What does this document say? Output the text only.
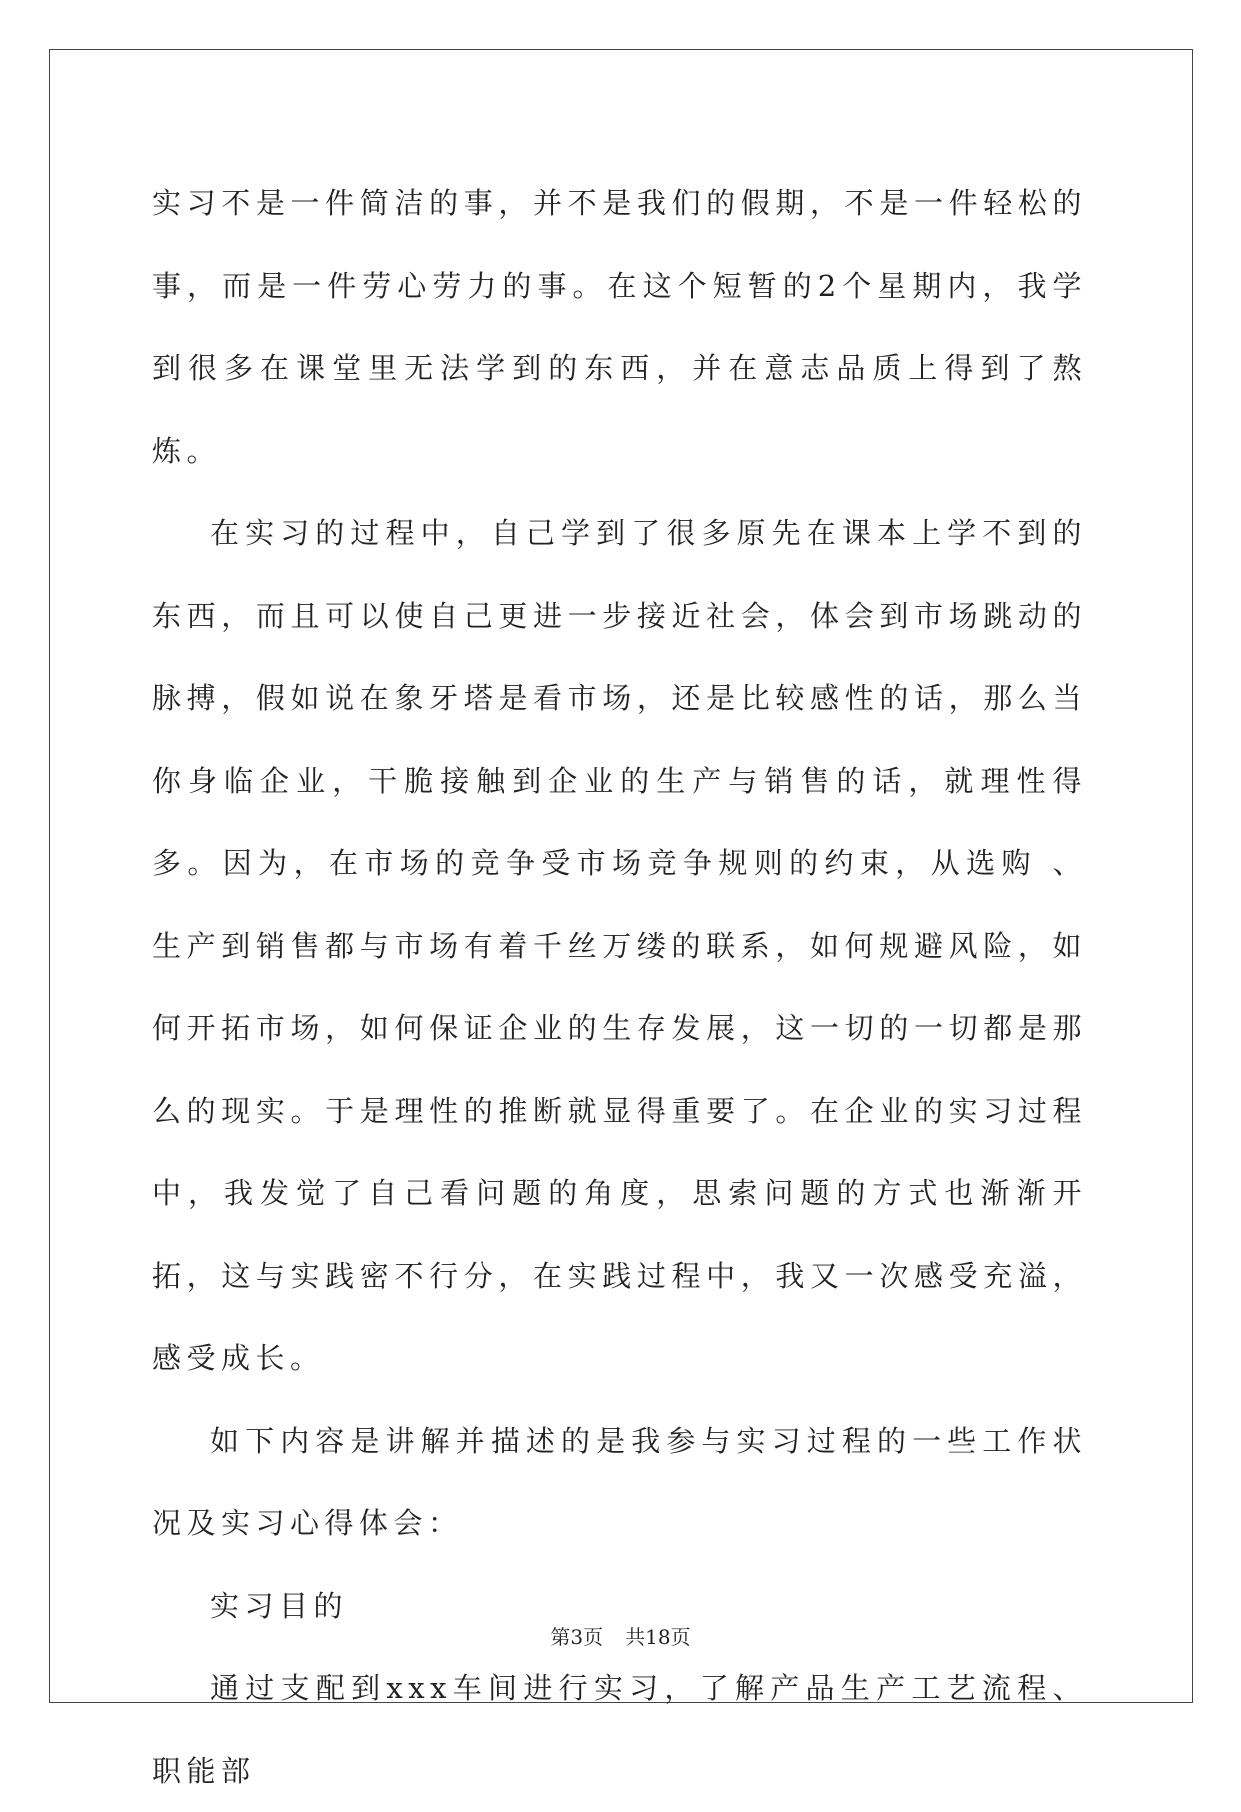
实习不是一件简洁的事，并不是我们的假期，不是一件轻松的事，而是一件劳心劳力的事。在这个短暂的2个星期内，我学到很多在课堂里无法学到的东西，并在意志品质上得到了熬炼。

在实习的过程中，自己学到了很多原先在课本上学不到的东西，而且可以使自己更进一步接近社会，体会到市场跳动的脉搏，假如说在象牙塔是看市场，还是比较感性的话，那么当你身临企业，干脆接触到企业的生产与销售的话，就理性得多。因为，在市场的竞争受市场竞争规则的约束，从选购 、生产到销售都与市场有着千丝万缕的联系，如何规避风险，如何开拓市场，如何保证企业的生存发展，这一切的一切都是那么的现实。于是理性的推断就显得重要了。在企业的实习过程中，我发觉了自己看问题的角度，思索问题的方式也渐渐开拓，这与实践密不行分，在实践过程中，我又一次感受充溢，感受成长。

如下内容是讲解并描述的是我参与实习过程的一些工作状况及实习心得体会：

实习目的

通过支配到xxx车间进行实习，了解产品生产工艺流程、职能部

第3页 共18页
